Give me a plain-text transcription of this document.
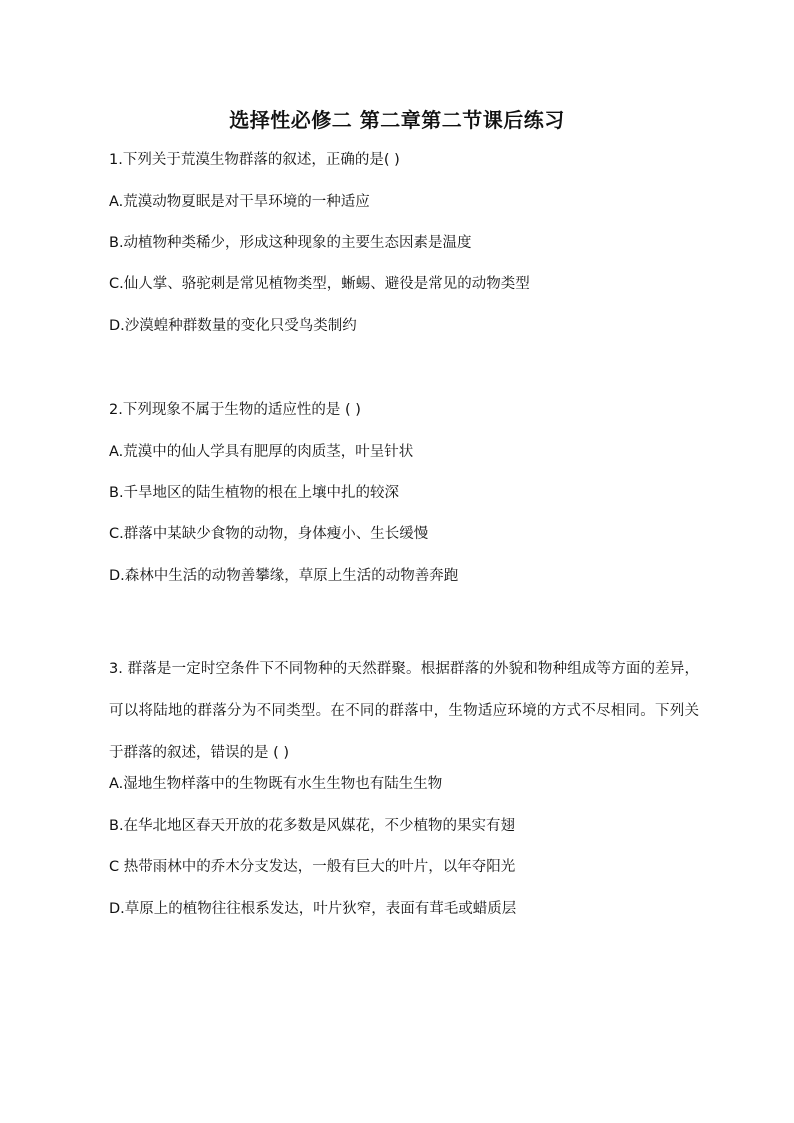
选择性必修二 第二章第二节课后练习
1.下列关于荒漠生物群落的叙述，正确的是( )
A.荒漠动物夏眠是对干旱环境的一种适应
B.动植物种类稀少，形成这种现象的主要生态因素是温度
C.仙人掌、骆驼刺是常见植物类型，蜥蜴、避役是常见的动物类型
D.沙漠蝗种群数量的变化只受鸟类制约
2.下列现象不属于生物的适应性的是 ( )
A.荒漠中的仙人学具有肥厚的肉质茎，叶呈针状
B.千旱地区的陆生植物的根在上壤中扎的较深
C.群落中某缺少食物的动物，身体瘦小、生长缓慢
D.森林中生活的动物善攀缘，草原上生活的动物善奔跑
3. 群落是一定时空条件下不同物种的天然群聚。根据群落的外貌和物种组成等方面的差异，可以将陆地的群落分为不同类型。在不同的群落中，生物适应环境的方式不尽相同。下列关于群落的叙述，错误的是 ( )
A.湿地生物样落中的生物既有水生生物也有陆生生物
B.在华北地区春天开放的花多数是风媒花，不少植物的果实有翅
C 热带雨林中的乔木分支发达，一般有巨大的叶片，以年夺阳光
D.草原上的植物往往根系发达，叶片狄窄，表面有茸毛或蜡质层
